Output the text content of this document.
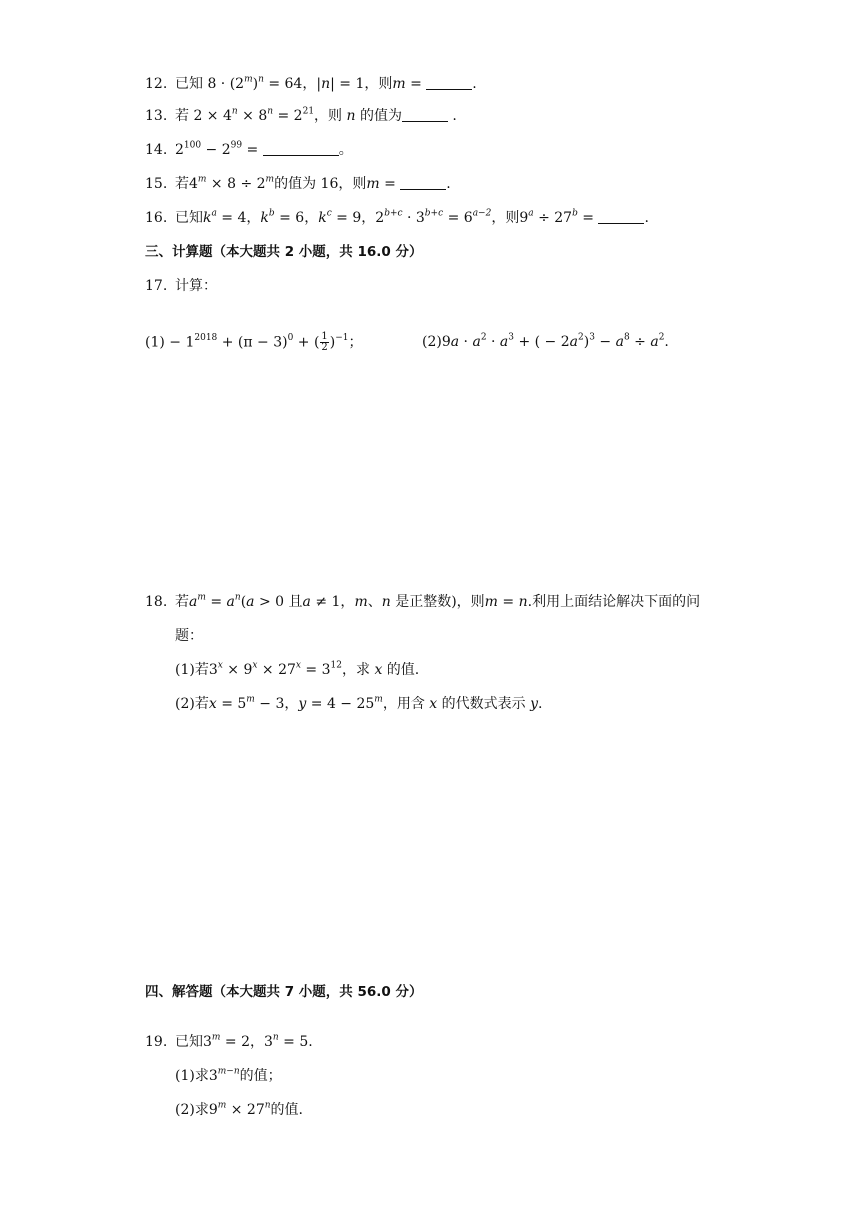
12. 已知 $8 \cdot (2^m)^n = 64$，|n| = 1，则m =	.
13. 若 $2 \times 4^n \times 8^n = 2^{21}$，则 n 的值为	.
14. $2^{100} - 2^{99}$ =	。
15. 若$4^m \times 8 \div 2^m$的值为 16，则m =	.
16. 已知$k^a = 4$，$k^b = 6$，$k^c = 9$，$2^{b+c} \cdot 3^{b+c} = 6^{a-2}$，则$9^a \div 27^b$ =	.
三、计算题（本大题共 2 小题，共 16.0 分）
17. 计算：
$(1) - 1^{2018} + (\pi - 3)^0$ + ( $\frac{1}{2} )^{-1}$；	$(2)9a \cdot a^2 \cdot a^3$ + ( − $2a^2)^3 - a^8 \div a^2$.
18. 若$a^m = a^n(a > 0$ 且a ≠ 1，m、n 是正整数)，则m = n.利用上面结论解决下面的问
题：
(1)若$3^x \times 9^x \times 27^x = 3^{12}$，求 x 的值.
(2)若$x = 5^m - 3$，$y = 4 - 25^m$，用含 x 的代数式表示 y.
四、解答题（本大题共 7 小题，共 56.0 分）
19. 已知$3^m = 2$，$3^n = 5$.
(1)求$3^{m-n}$的值；
(2)求$9^m \times 27^n$的值.
